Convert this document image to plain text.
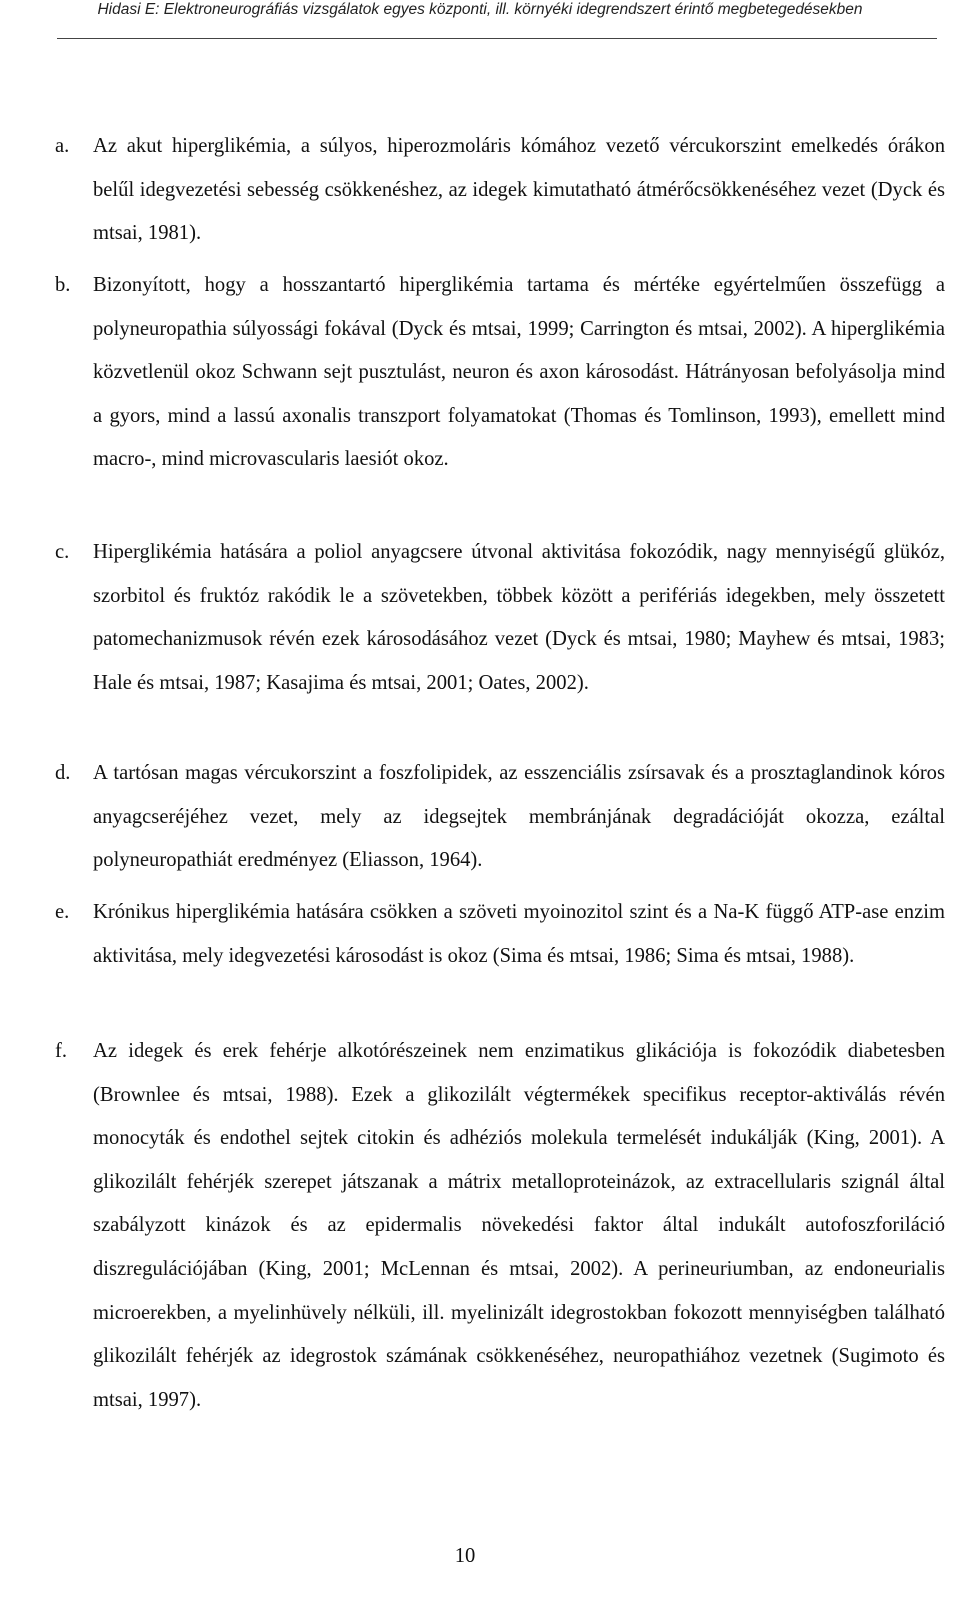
Hidasi E: Elektroneurográfiás vizsgálatok egyes központi, ill. környéki idegrendszert érintő megbetegedésekben
a.	Az akut hiperglikémia, a súlyos, hiperozmoláris kómához vezető vércukorszint emelkedés órákon belűl idegvezetési sebesség csökkenéshez, az idegek kimutatható átmérőcsökkenéséhez vezet (Dyck és mtsai, 1981).
b.	Bizonyított, hogy a hosszantartó hiperglikémia tartama és mértéke egyértelműen összefügg a polyneuropathia súlyossági fokával (Dyck és mtsai, 1999; Carrington és mtsai, 2002). A hiperglikémia közvetlenül okoz Schwann sejt pusztulást, neuron és axon károsodást. Hátrányosan befolyásolja mind a gyors, mind a lassú axonalis transzport folyamatokat (Thomas és Tomlinson, 1993), emellett mind macro-, mind microvascularis laesiót okoz.
c.	Hiperglikémia hatására a poliol anyagcsere útvonal aktivitása fokozódik, nagy mennyiségű glükóz, szorbitol és fruktóz rakódik le a szövetekben, többek között a perifériás idegekben, mely összetett patomechanizmusok révén ezek károsodásához vezet (Dyck és mtsai, 1980; Mayhew és mtsai, 1983; Hale és mtsai, 1987; Kasajima és mtsai, 2001; Oates, 2002).
d.	A tartósan magas vércukorszint a foszfolipidek, az esszenciális zsírsavak és a prosztaglandinok kóros anyagcseréjéhez vezet, mely az idegsejtek membránjának degradációját okozza, ezáltal polyneuropathiát eredményez (Eliasson, 1964).
e.	Krónikus hiperglikémia hatására csökken a szöveti myoinozitol szint és a Na-K függő ATP-ase enzim aktivitása, mely idegvezetési károsodást is okoz (Sima és mtsai, 1986; Sima és mtsai, 1988).
f.	Az idegek és erek fehérje alkotórészeinek nem enzimatikus glikációja is fokozódik diabetesben (Brownlee és mtsai, 1988). Ezek a glikozilált végtermékek specifikus receptor-aktiválás révén monocyták és endothel sejtek citokin és adhéziós molekula termelését indukálják (King, 2001). A glikozilált fehérjék szerepet játszanak a mátrix metalloproteinázok, az extracellularis szignál által szabályzott kinázok és az epidermalis növekedési faktor által indukált autofoszforiláció diszregulációjában (King, 2001; McLennan és mtsai, 2002). A perineuriumban, az endoneurialis microerekben, a myelinhüvely nélküli, ill. myelinizált idegrostokban fokozott mennyiségben található glikozilált fehérjék az idegrostok számának csökkenéséhez, neuropathiához vezetnek (Sugimoto és mtsai, 1997).
10
